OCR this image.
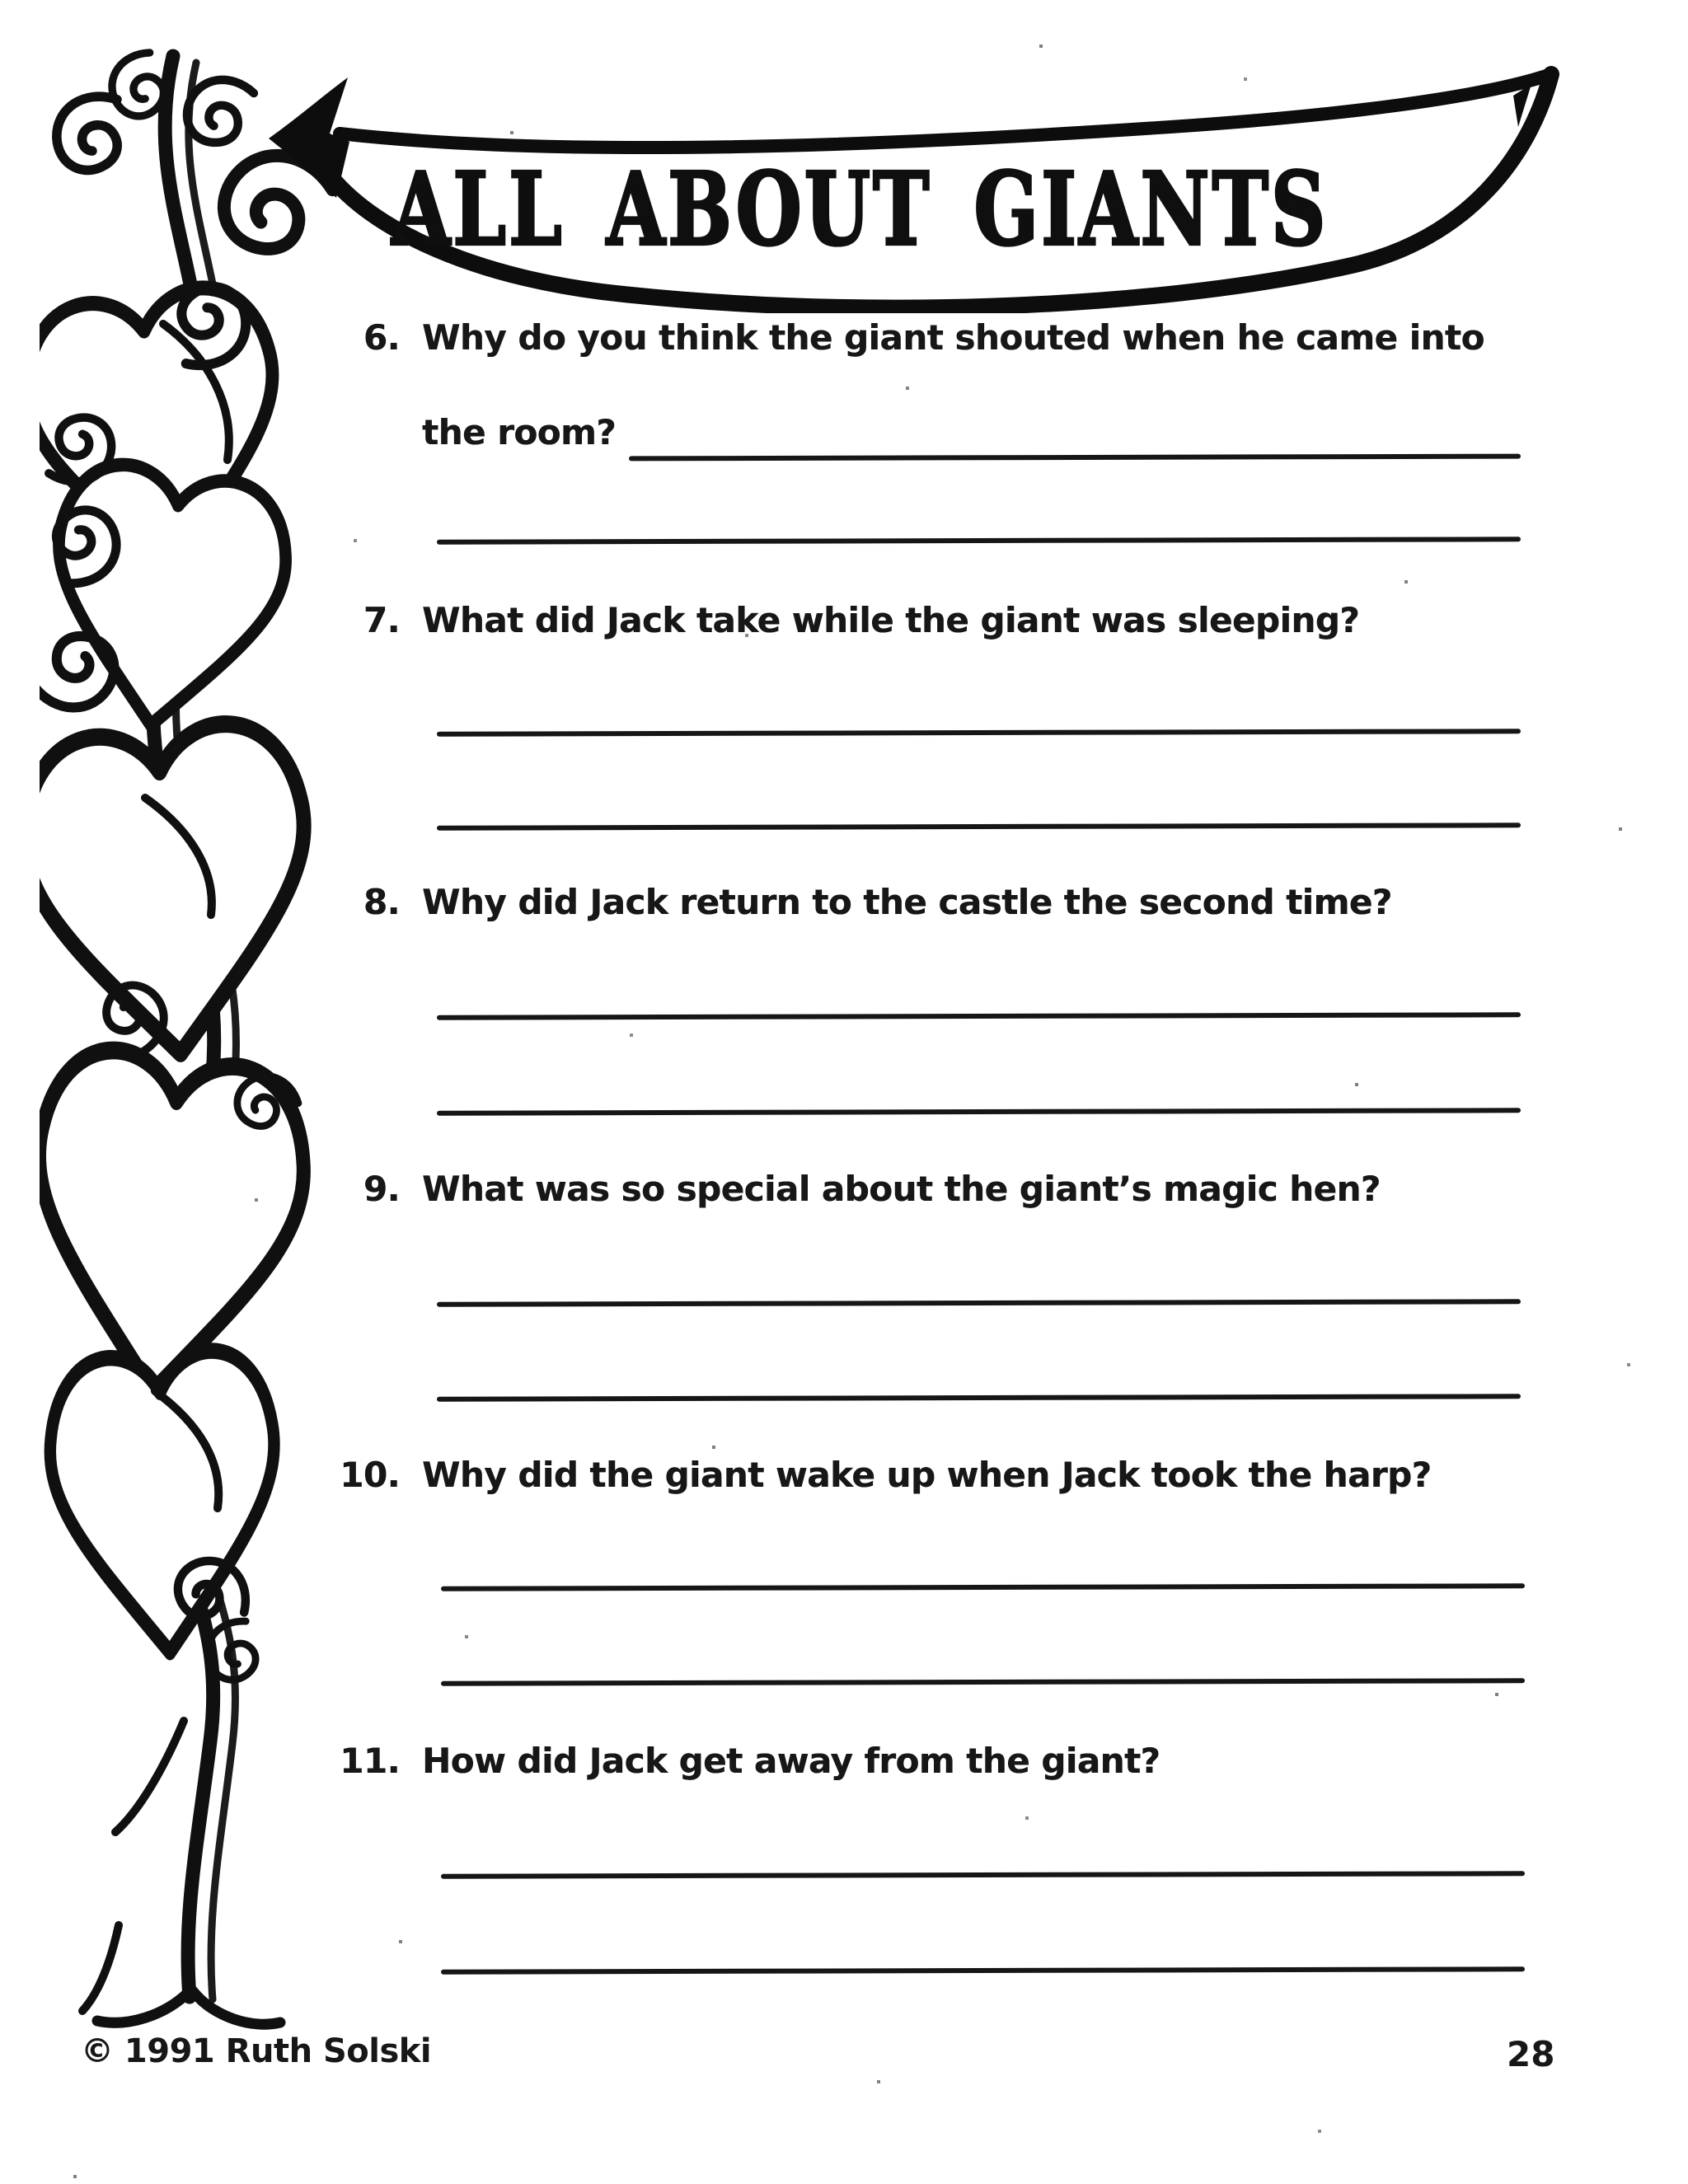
ALL ABOUT GIANTS
6. Why do you think the giant shouted when he came into
the room?
7. What did Jack take while the giant was sleeping?
8. Why did Jack return to the castle the second time?
9. What was so special about the giant’s magic hen?
10. Why did the giant wake up when Jack took the harp?
11. How did Jack get away from the giant?
© 1991 Ruth Solski	28
